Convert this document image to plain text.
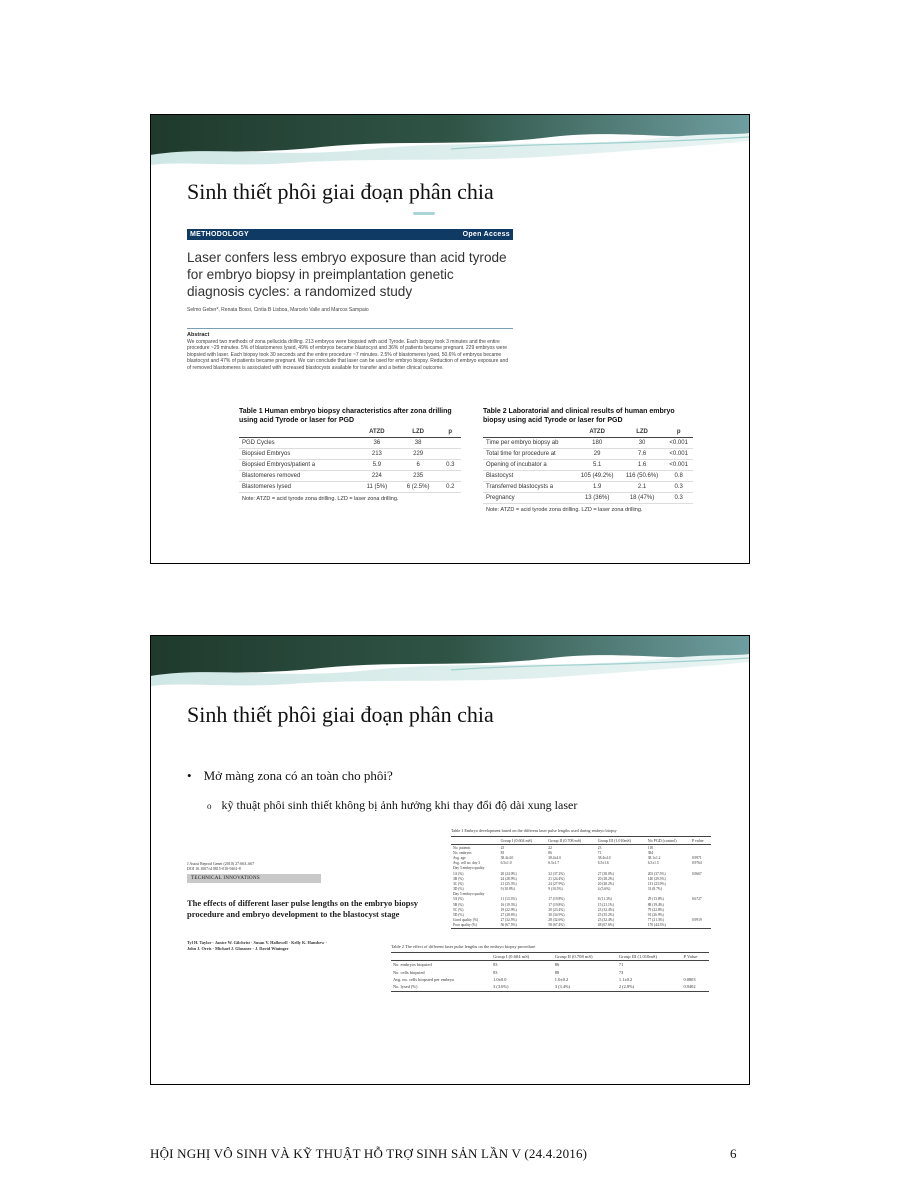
Sinh thiết phôi giai đoạn phân chia
METHODOLOGY	Open Access
Laser confers less embryo exposure than acid tyrode for embryo biopsy in preimplantation genetic diagnosis cycles: a randomized study
Selmo Geber*, Renata Bossi, Cintia B Lisboa, Marcelo Valle and Marcos Sampaio
Abstract
We compared two methods of zona pellucida drilling. 213 embryos were biopsied with acid Tyrode. Each biopsy took 3 minutes and the entire procedure ~29 minutes. 5% of blastomeres lysed, 49% of embryos became blastocyst and 36% of patients became pregnant. 229 embryos were biopsied with laser. Each biopsy took 30 seconds and the entire procedure ~7 minutes. 2.5% of blastomeres lysed, 50.6% of embryos became blastocyst and 47% of patients became pregnant. We can conclude that laser can be used for embryo biopsy. Reduction of embryo exposure and of removed blastomeres is associated with increased blastocysts available for transfer and a better clinical outcome.
Table 1 Human embryo biopsy characteristics after zona drilling using acid Tyrode or laser for PGD
	ATZD	LZD	p
PGD Cycles	36	38	
Biopsied Embryos	213	229	
Biopsied Embryos/patient a	5.9	6	0.3
Blastomeres removed	224	235	
Blastomeres lysed	11 (5%)	6 (2.5%)	0.2
Note: ATZD = acid tyrode zona drilling. LZD = laser zona drilling.			
Table 2 Laboratorial and clinical results of human embryo biopsy using acid Tyrode or laser for PGD
	ATZD	LZD	p
Time per embryo biopsy ab	180	30	<0.001
Total time for procedure at	29	7.6	<0.001
Opening of incubator a	5.1	1.6	<0.001
Blastocyst	105 (49.2%)	116 (50.6%)	0.8
Transferred blastocysts a	1.9	2.1	0.3
Pregnancy	13 (36%)	18 (47%)	0.3
Note: ATZD = acid tyrode zona drilling. LZD = laser zona drilling.			
Sinh thiết phôi giai đoạn phân chia
• Mở màng zona có an toàn cho phôi?
o kỹ thuật phôi sinh thiết không bị ảnh hưởng khi thay đổi độ dài xung laser
J Assist Reprod Genet (2010) 27:663–667
DOI 10.1007/s10815-010-9461-8
TECHNICAL INNOVATIONS
The effects of different laser pulse lengths on the embryo biopsy procedure and embryo development to the blastocyst stage
Tyl H. Taylor · Janice W. Gilchrist · Susan V. Hallowell · Kelly K. Hanshew · John J. Orris · Michael J. Glassner · J. David Wininger
Table 1 Embryo development based on the different laser pulse lengths used during embryo biopsy
	Group I (0.604 mS)	Group II (0.708 mS)	Group III (1.010mS)	No PGD (control)	P value
No. patients	25	22	23	118	
No. embryos	83	86	71	384	
Avg. age	38.4±4.0	38.4±4.0	38.4±4.0	38.1±1.2	0.9971
Avg. cell no. day 3	6.5±1.0	6.5±1.7	6.5±1.6	6.5±1.5	0.9764
Day 3 embryo quality					
1A (%)	20 (24.0%)	32 (37.2%)	27 (38.0%)	203 (37.5%)	0.9667
3B (%)	24 (28.9%)	21 (24.4%)	20 (28.2%)	140 (29.3%)	
3C (%)	21 (25.3%)	24 (27.9%)	20 (28.2%)	131 (23.9%)	
3D (%)	9 (10.8%)	9 (10.5%)	4 (5.6%)	31 (8.7%)	
Day 5 embryo quality					
5A (%)	11 (13.3%)	17 (19.8%)	8 (11.3%)	29 (13.8%)	0.6727
5B (%)	16 (19.3%)	17 (19.8%)	15 (21.1%)	88 (19.4%)	
5C (%)	19 (22.9%)	20 (23.4%)	23 (32.4%)	79 (22.8%)	
5D (%)	27 (28.6%)	30 (34.9%)	25 (35.2%)	91 (26.9%)	
Good quality (%)	27 (32.5%)	28 (32.6%)	23 (32.4%)	77 (21.3%)	0.9919
Poor quality (%)	56 (67.5%)	58 (67.4%)	48 (67.6%)	170 (44.3%)	
Table 2 The effect of different laser pulse lengths on the embryo biopsy procedure
	Group I (0.604 mS)	Group II (0.708 mS)	Group III (1.010mS)	P Value
No. embryos biopsied	83	86	71	
No. cells biopsied	83	88	73	
Avg. no. cells biopsied per embryo	1.0±0.0	1.0±0.2	1.1±0.2	0.0803
No. lysed (%)	3 (3.6%)	3 (3.4%)	2 (2.8%)	0.9402
HỘI NGHỊ VÔ SINH VÀ KỸ THUẬT HỖ TRỢ SINH SẢN LẦN V (24.4.2016)	6
